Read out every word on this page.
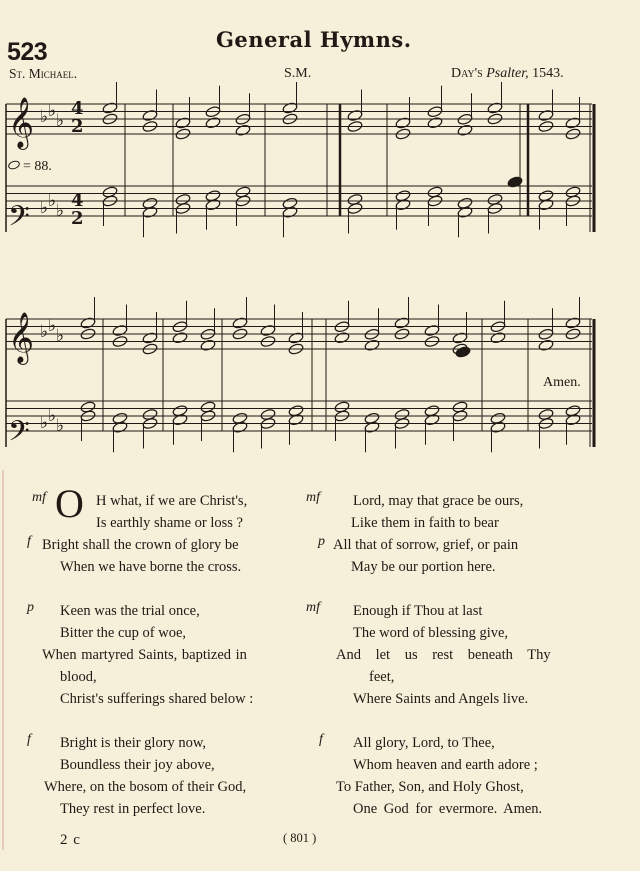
523	General Hymns.
St. Michael.	S.M.	Day's Psalter, 1543.
𝄞
𝄢
𝄞
𝄢
♭ ♭ ♭
♭ ♭ ♭
♭ ♭ ♭
♭ ♭ ♭
4
2
4
2
= 88.
Amen.
O H what, if we are Christ's,
Is earthly shame or loss ?
Bright shall the crown of glory be
When we have borne the cross.
mf
f
Lord, may that grace be ours,
Like them in faith to bear
All that of sorrow, grief, or pain
May be our portion here.
mf
p
Keen was the trial once,
Bitter the cup of woe,
When martyred Saints, baptized in
blood,
Christ's sufferings shared below :
p	Enough if Thou at last
The word of blessing give,
And let us rest beneath Thy
feet,
Where Saints and Angels live.
mf
Bright is their glory now,
Boundless their joy above,
Where, on the bosom of their God,
They rest in perfect love.
f	All glory, Lord, to Thee,
Whom heaven and earth adore ;
To Father, Son, and Holy Ghost,
One God for evermore. Amen.
f
2 c	( 801 )
